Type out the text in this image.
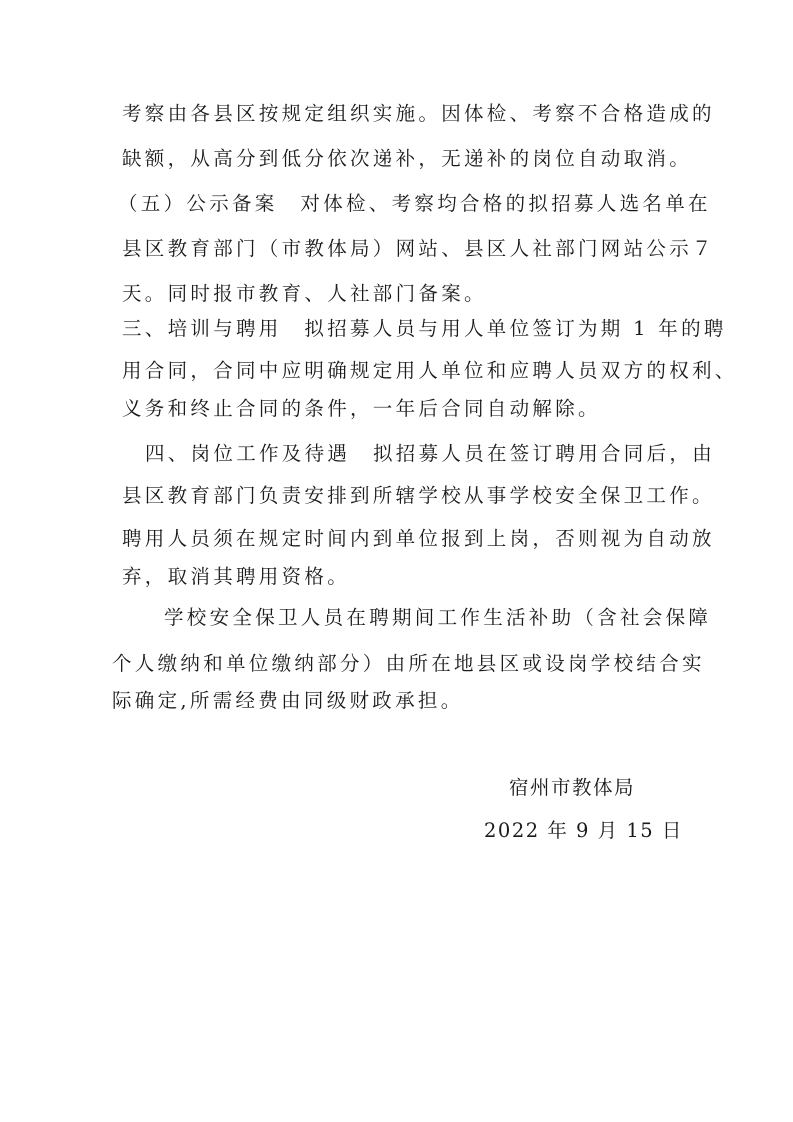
考察由各县区按规定组织实施。因体检、考察不合格造成的
缺额，从高分到低分依次递补，无递补的岗位自动取消。
（五）公示备案　对体检、考察均合格的拟招募人选名单在
县区教育部门（市教体局）网站、县区人社部门网站公示７
天。同时报市教育、人社部门备案。
三、培训与聘用　拟招募人员与用人单位签订为期 1 年的聘
用合同，合同中应明确规定用人单位和应聘人员双方的权利、
义务和终止合同的条件，一年后合同自动解除。
四、岗位工作及待遇　拟招募人员在签订聘用合同后，由
县区教育部门负责安排到所辖学校从事学校安全保卫工作。
聘用人员须在规定时间内到单位报到上岗，否则视为自动放
弃，取消其聘用资格。
学校安全保卫人员在聘期间工作生活补助（含社会保障
个人缴纳和单位缴纳部分）由所在地县区或设岗学校结合实
际确定,所需经费由同级财政承担。
宿州市教体局
2022 年 9 月 15 日
